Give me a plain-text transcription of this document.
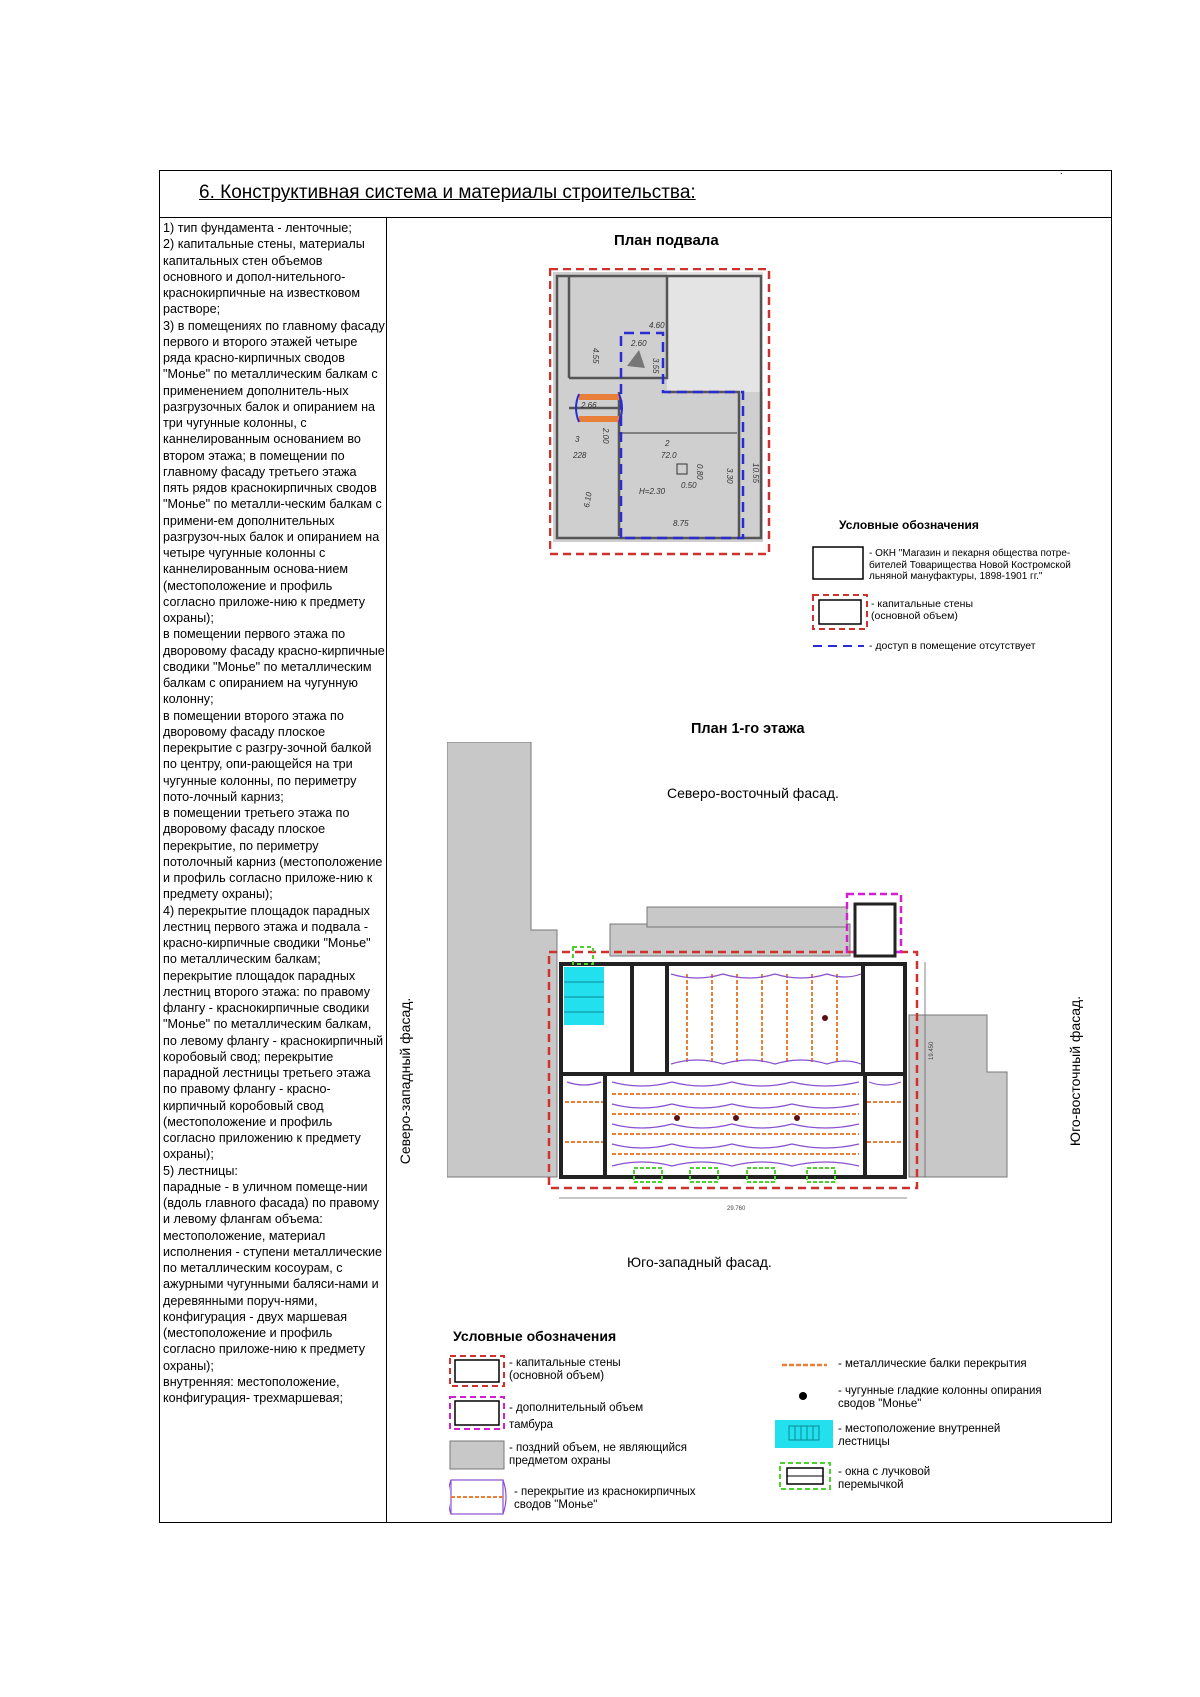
6. Конструктивная система и материалы строительства:
·
1) тип фундамента - ленточные;
2) капитальные стены, материалы капитальных стен объемов основного и допол-нительного- краснокирпичные на известковом растворе;
3) в помещениях по главному фасаду первого и второго этажей четыре ряда красно-кирпичных сводов "Монье" по металлическим балкам с применением дополнитель-ных разгрузочных балок и опиранием на три чугунные колонны, с каннелированным основанием во втором этажа; в помещении по главному фасаду третьего этажа пять рядов краснокирпичных сводов "Монье" по металли-ческим балкам с примени-ем дополнительных разгрузоч-ных балок и опиранием на четыре чугунные колонны с каннелированным основа-нием (местоположение и профиль согласно приложе-нию к предмету охраны);
в помещении первого этажа по дворовому фасаду красно-кирпичные сводики "Монье" по металлическим балкам с опиранием на чугунную колонну;
в помещении второго этажа по дворовому фасаду плоское перекрытие с разгру-зочной балкой по центру, опи-рающейся на три чугунные колонны, по периметру пото-лочный карниз;
в помещении третьего этажа по дворовому фасаду плоское перекрытие, по периметру потолочный карниз (местоположение и профиль согласно приложе-нию к предмету охраны);
4) перекрытие площадок парадных лестниц первого этажа и подвала - красно-кирпичные сводики "Монье" по металлическим балкам;
перекрытие площадок парадных лестниц второго этажа: по правому флангу - краснокирпичные сводики "Монье" по металлическим балкам, по левому флангу - краснокирпичный коробовый свод; перекрытие парадной лестницы третьего этажа по правому флангу - красно-кирпичный коробовый свод (местоположение и профиль согласно приложению к предмету охраны);
5) лестницы:
парадные - в уличном помеще-нии (вдоль главного фасада) по правому и левому флангам объема: местоположение, материал исполнения - ступени металлические по металлическим косоурам, с ажурными чугунными баляси-нами и деревянными поруч-нями, конфигурация - двух маршевая (местоположение и профиль согласно приложе-нию к предмету охраны);
внутренняя: местоположение, конфигурация- трехмаршевая;
План подвала
4.60
4.55
2.60
3.55
2.66
2.00	2
72.0
0.80
0.50
3.30 10.55
H=2.30
6.10
8.75
3
228
Условные обозначения
- ОКН "Магазин и пекарня общества потре-
бителей Товарищества Новой Костромской
льняной мануфактуры, 1898-1901 гг."
- капитальные стены
(основной объем)
- доступ в помещение отсутствует
План 1-го этажа
Северо-восточный фасад.
Юго-западный фасад.
Северо-западный фасад.	Юго-восточный фасад.
29.760
19.450
Условные обозначения
- капитальные стены
(основной объем)
- дополнительный объем
тамбура
- поздний объем, не являющийся
предметом охраны
- перекрытие из краснокирпичных
сводов "Монье"
- металлические балки перекрытия
- чугунные гладкие колонны опирания
сводов "Монье"
- местоположение внутренней
лестницы
- окна с лучковой
перемычкой
